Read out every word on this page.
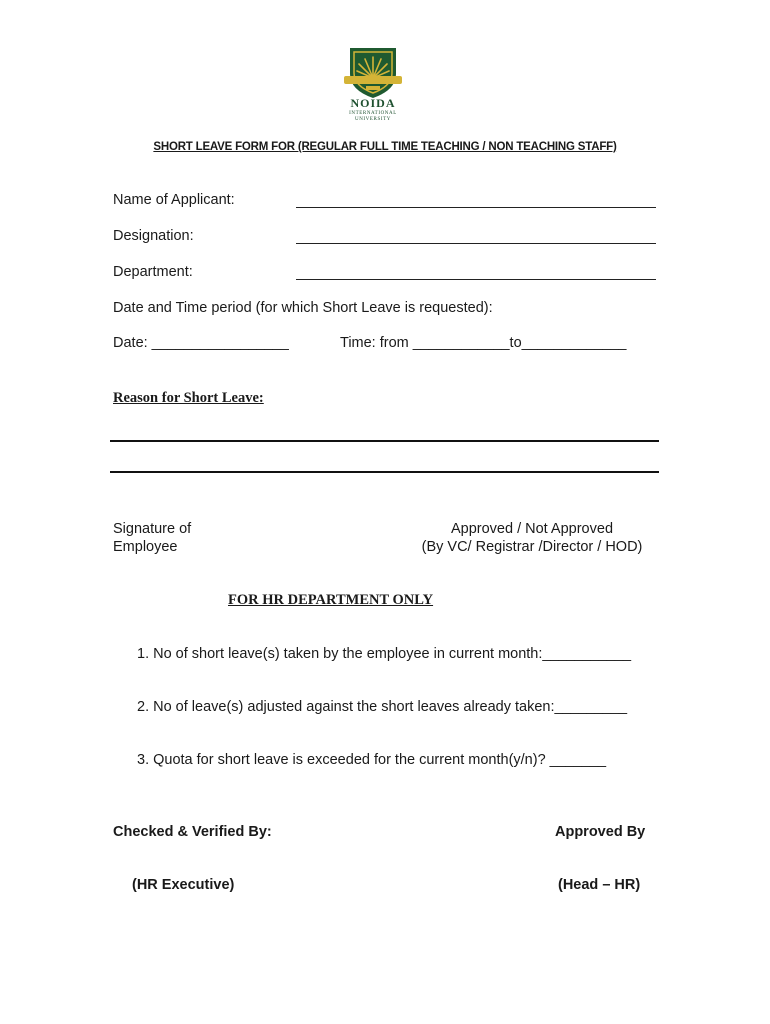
NOIDA
INTERNATIONAL
UNIVERSITY
SHORT LEAVE FORM FOR (REGULAR FULL TIME TEACHING / NON TEACHING STAFF)
Name of Applicant:
Designation:
Department:
Date and Time period (for which Short Leave is requested):
Date: _________________	Time: from ____________to_____________
Reason for Short Leave:
Signature of
Employee
Approved / Not Approved
(By VC/ Registrar /Director / HOD)
FOR HR DEPARTMENT ONLY
1. No of short leave(s) taken by the employee in current month:___________
2. No of leave(s) adjusted against the short leaves already taken:_________
3. Quota for short leave is exceeded for the current month(y/n)? _______
Checked & Verified By:	Approved By
(HR Executive)	(Head – HR)
